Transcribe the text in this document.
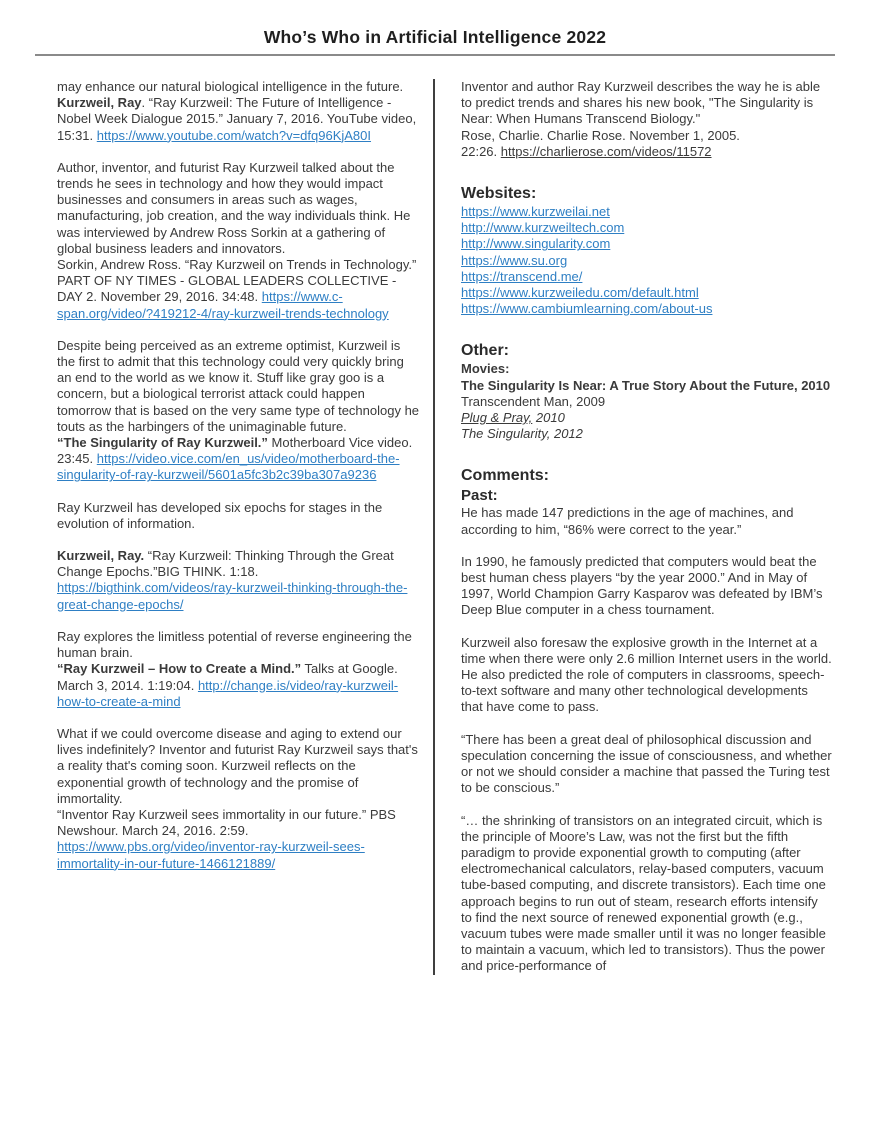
Who’s Who in Artificial Intelligence 2022
may enhance our natural biological intelligence in the future.
Kurzweil, Ray. “Ray Kurzweil: The Future of Intelligence - Nobel Week Dialogue 2015.” January 7, 2016. YouTube video, 15:31. https://www.youtube.com/watch?v=dfq96KjA80I
Author, inventor, and futurist Ray Kurzweil talked about the trends he sees in technology and how they would impact businesses and consumers in areas such as wages, manufacturing, job creation, and the way individuals think. He was interviewed by Andrew Ross Sorkin at a gathering of global business leaders and innovators.
Sorkin, Andrew Ross. “Ray Kurzweil on Trends in Technology.” PART OF NY TIMES - GLOBAL LEADERS COLLECTIVE - DAY 2. November 29, 2016. 34:48. https://www.c-span.org/video/?419212-4/ray-kurzweil-trends-technology
Despite being perceived as an extreme optimist, Kurzweil is the first to admit that this technology could very quickly bring an end to the world as we know it. Stuff like gray goo is a concern, but a biological terrorist attack could happen tomorrow that is based on the very same type of technology he touts as the harbingers of the unimaginable future.
“The Singularity of Ray Kurzweil.” Motherboard Vice video. 23:45. https://video.vice.com/en_us/video/motherboard-the-singularity-of-ray-kurzweil/5601a5fc3b2c39ba307a9236
Ray Kurzweil has developed six epochs for stages in the evolution of information.
Kurzweil, Ray. “Ray Kurzweil: Thinking Through the Great Change Epochs.”BIG THINK. 1:18. https://bigthink.com/videos/ray-kurzweil-thinking-through-the-great-change-epochs/
Ray explores the limitless potential of reverse engineering the human brain.
“Ray Kurzweil – How to Create a Mind.” Talks at Google. March 3, 2014. 1:19:04. http://change.is/video/ray-kurzweil-how-to-create-a-mind
What if we could overcome disease and aging to extend our lives indefinitely? Inventor and futurist Ray Kurzweil says that's a reality that's coming soon. Kurzweil reflects on the exponential growth of technology and the promise of immortality.
“Inventor Ray Kurzweil sees immortality in our future.” PBS Newshour. March 24, 2016. 2:59. https://www.pbs.org/video/inventor-ray-kurzweil-sees-immortality-in-our-future-1466121889/
Inventor and author Ray Kurzweil describes the way he is able to predict trends and shares his new book, "The Singularity is Near: When Humans Transcend Biology."
Rose, Charlie. Charlie Rose. November 1, 2005.
22:26. https://charlierose.com/videos/11572
Websites:
https://www.kurzweilai.net
http://www.kurzweiltech.com
http://www.singularity.com
https://www.su.org
https://transcend.me/
https://www.kurzweiledu.com/default.html
https://www.cambiumlearning.com/about-us
Other:
Movies:
The Singularity Is Near: A True Story About the Future, 2010
Transcendent Man, 2009
Plug & Pray, 2010
The Singularity, 2012
Comments:
Past:
He has made 147 predictions in the age of machines, and according to him, “86% were correct to the year.”
In 1990, he famously predicted that computers would beat the best human chess players “by the year 2000.” And in May of 1997, World Champion Garry Kasparov was defeated by IBM’s Deep Blue computer in a chess tournament.
Kurzweil also foresaw the explosive growth in the Internet at a time when there were only 2.6 million Internet users in the world. He also predicted the role of computers in classrooms, speech-to-text software and many other technological developments that have come to pass.
“There has been a great deal of philosophical discussion and speculation concerning the issue of consciousness, and whether or not we should consider a machine that passed the Turing test to be conscious.”
“… the shrinking of transistors on an integrated circuit, which is the principle of Moore’s Law, was not the first but the fifth paradigm to provide exponential growth to computing (after electromechanical calculators, relay-based computers, vacuum tube-based computing, and discrete transistors). Each time one approach begins to run out of steam, research efforts intensify to find the next source of renewed exponential growth (e.g., vacuum tubes were made smaller until it was no longer feasible to maintain a vacuum, which led to transistors). Thus the power and price-performance of
